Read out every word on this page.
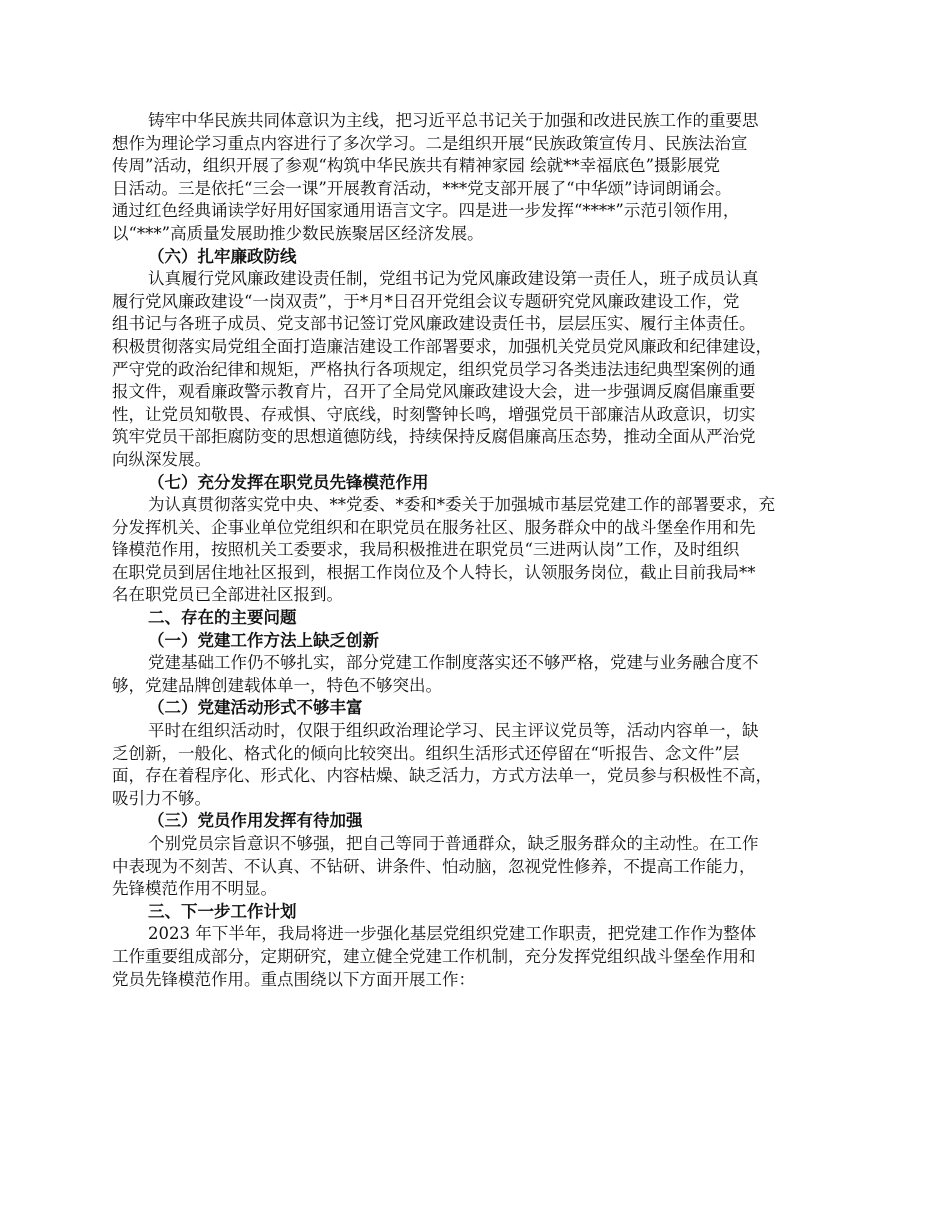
铸牢中华民族共同体意识为主线，把习近平总书记关于加强和改进民族工作的重要思
想作为理论学习重点内容进行了多次学习。二是组织开展“民族政策宣传月、民族法治宣
传周”活动，组织开展了参观“构筑中华民族共有精神家园 绘就**幸福底色”摄影展党
日活动。三是依托“三会一课”开展教育活动，***党支部开展了“中华颂”诗词朗诵会。
通过红色经典诵读学好用好国家通用语言文字。四是进一步发挥“****”示范引领作用，
以“***”高质量发展助推少数民族聚居区经济发展。
（六）扎牢廉政防线
认真履行党风廉政建设责任制，党组书记为党风廉政建设第一责任人，班子成员认真
履行党风廉政建设“一岗双责”，于*月*日召开党组会议专题研究党风廉政建设工作，党
组书记与各班子成员、党支部书记签订党风廉政建设责任书，层层压实、履行主体责任。
积极贯彻落实局党组全面打造廉洁建设工作部署要求，加强机关党员党风廉政和纪律建设，
严守党的政治纪律和规矩，严格执行各项规定，组织党员学习各类违法违纪典型案例的通
报文件，观看廉政警示教育片，召开了全局党风廉政建设大会，进一步强调反腐倡廉重要
性，让党员知敬畏、存戒惧、守底线，时刻警钟长鸣，增强党员干部廉洁从政意识，切实
筑牢党员干部拒腐防变的思想道德防线，持续保持反腐倡廉高压态势，推动全面从严治党
向纵深发展。
（七）充分发挥在职党员先锋模范作用
为认真贯彻落实党中央、**党委、*委和*委关于加强城市基层党建工作的部署要求，充
分发挥机关、企事业单位党组织和在职党员在服务社区、服务群众中的战斗堡垒作用和先
锋模范作用，按照机关工委要求，我局积极推进在职党员“三进两认岗”工作，及时组织
在职党员到居住地社区报到，根据工作岗位及个人特长，认领服务岗位，截止目前我局**
名在职党员已全部进社区报到。
二、存在的主要问题
（一）党建工作方法上缺乏创新
党建基础工作仍不够扎实，部分党建工作制度落实还不够严格，党建与业务融合度不
够，党建品牌创建载体单一，特色不够突出。
（二）党建活动形式不够丰富
平时在组织活动时，仅限于组织政治理论学习、民主评议党员等，活动内容单一，缺
乏创新，一般化、格式化的倾向比较突出。组织生活形式还停留在“听报告、念文件”层
面，存在着程序化、形式化、内容枯燥、缺乏活力，方式方法单一，党员参与积极性不高，
吸引力不够。
（三）党员作用发挥有待加强
个别党员宗旨意识不够强，把自己等同于普通群众，缺乏服务群众的主动性。在工作
中表现为不刻苦、不认真、不钻研、讲条件、怕动脑，忽视党性修养，不提高工作能力，
先锋模范作用不明显。
三、下一步工作计划
2023 年下半年，我局将进一步强化基层党组织党建工作职责，把党建工作作为整体
工作重要组成部分，定期研究，建立健全党建工作机制，充分发挥党组织战斗堡垒作用和
党员先锋模范作用。重点围绕以下方面开展工作：
